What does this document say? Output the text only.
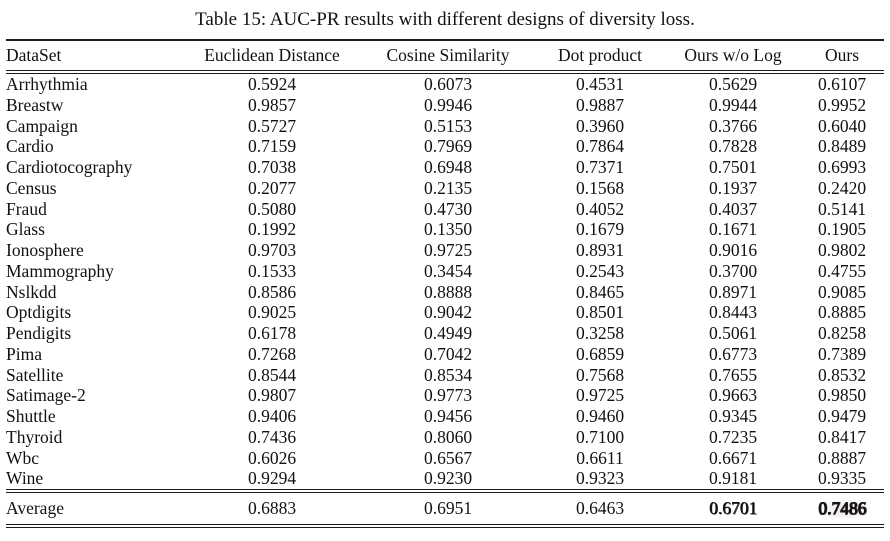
Table 15: AUC-PR results with different designs of diversity loss.
DataSet	Euclidean Distance	Cosine Similarity	Dot product	Ours w/o Log	Ours
Arrhythmia	0.5924	0.6073	0.4531	0.5629	0.6107
Breastw	0.9857	0.9946	0.9887	0.9944	0.9952
Campaign	0.5727	0.5153	0.3960	0.3766	0.6040
Cardio	0.7159	0.7969	0.7864	0.7828	0.8489
Cardiotocography	0.7038	0.6948	0.7371	0.7501	0.6993
Census	0.2077	0.2135	0.1568	0.1937	0.2420
Fraud	0.5080	0.4730	0.4052	0.4037	0.5141
Glass	0.1992	0.1350	0.1679	0.1671	0.1905
Ionosphere	0.9703	0.9725	0.8931	0.9016	0.9802
Mammography	0.1533	0.3454	0.2543	0.3700	0.4755
Nslkdd	0.8586	0.8888	0.8465	0.8971	0.9085
Optdigits	0.9025	0.9042	0.8501	0.8443	0.8885
Pendigits	0.6178	0.4949	0.3258	0.5061	0.8258
Pima	0.7268	0.7042	0.6859	0.6773	0.7389
Satellite	0.8544	0.8534	0.7568	0.7655	0.8532
Satimage-2	0.9807	0.9773	0.9725	0.9663	0.9850
Shuttle	0.9406	0.9456	0.9460	0.9345	0.9479
Thyroid	0.7436	0.8060	0.7100	0.7235	0.8417
Wbc	0.6026	0.6567	0.6611	0.6671	0.8887
Wine	0.9294	0.9230	0.9323	0.9181	0.9335
Average	0.6883	0.6951	0.6463	0.6701	0.7486
